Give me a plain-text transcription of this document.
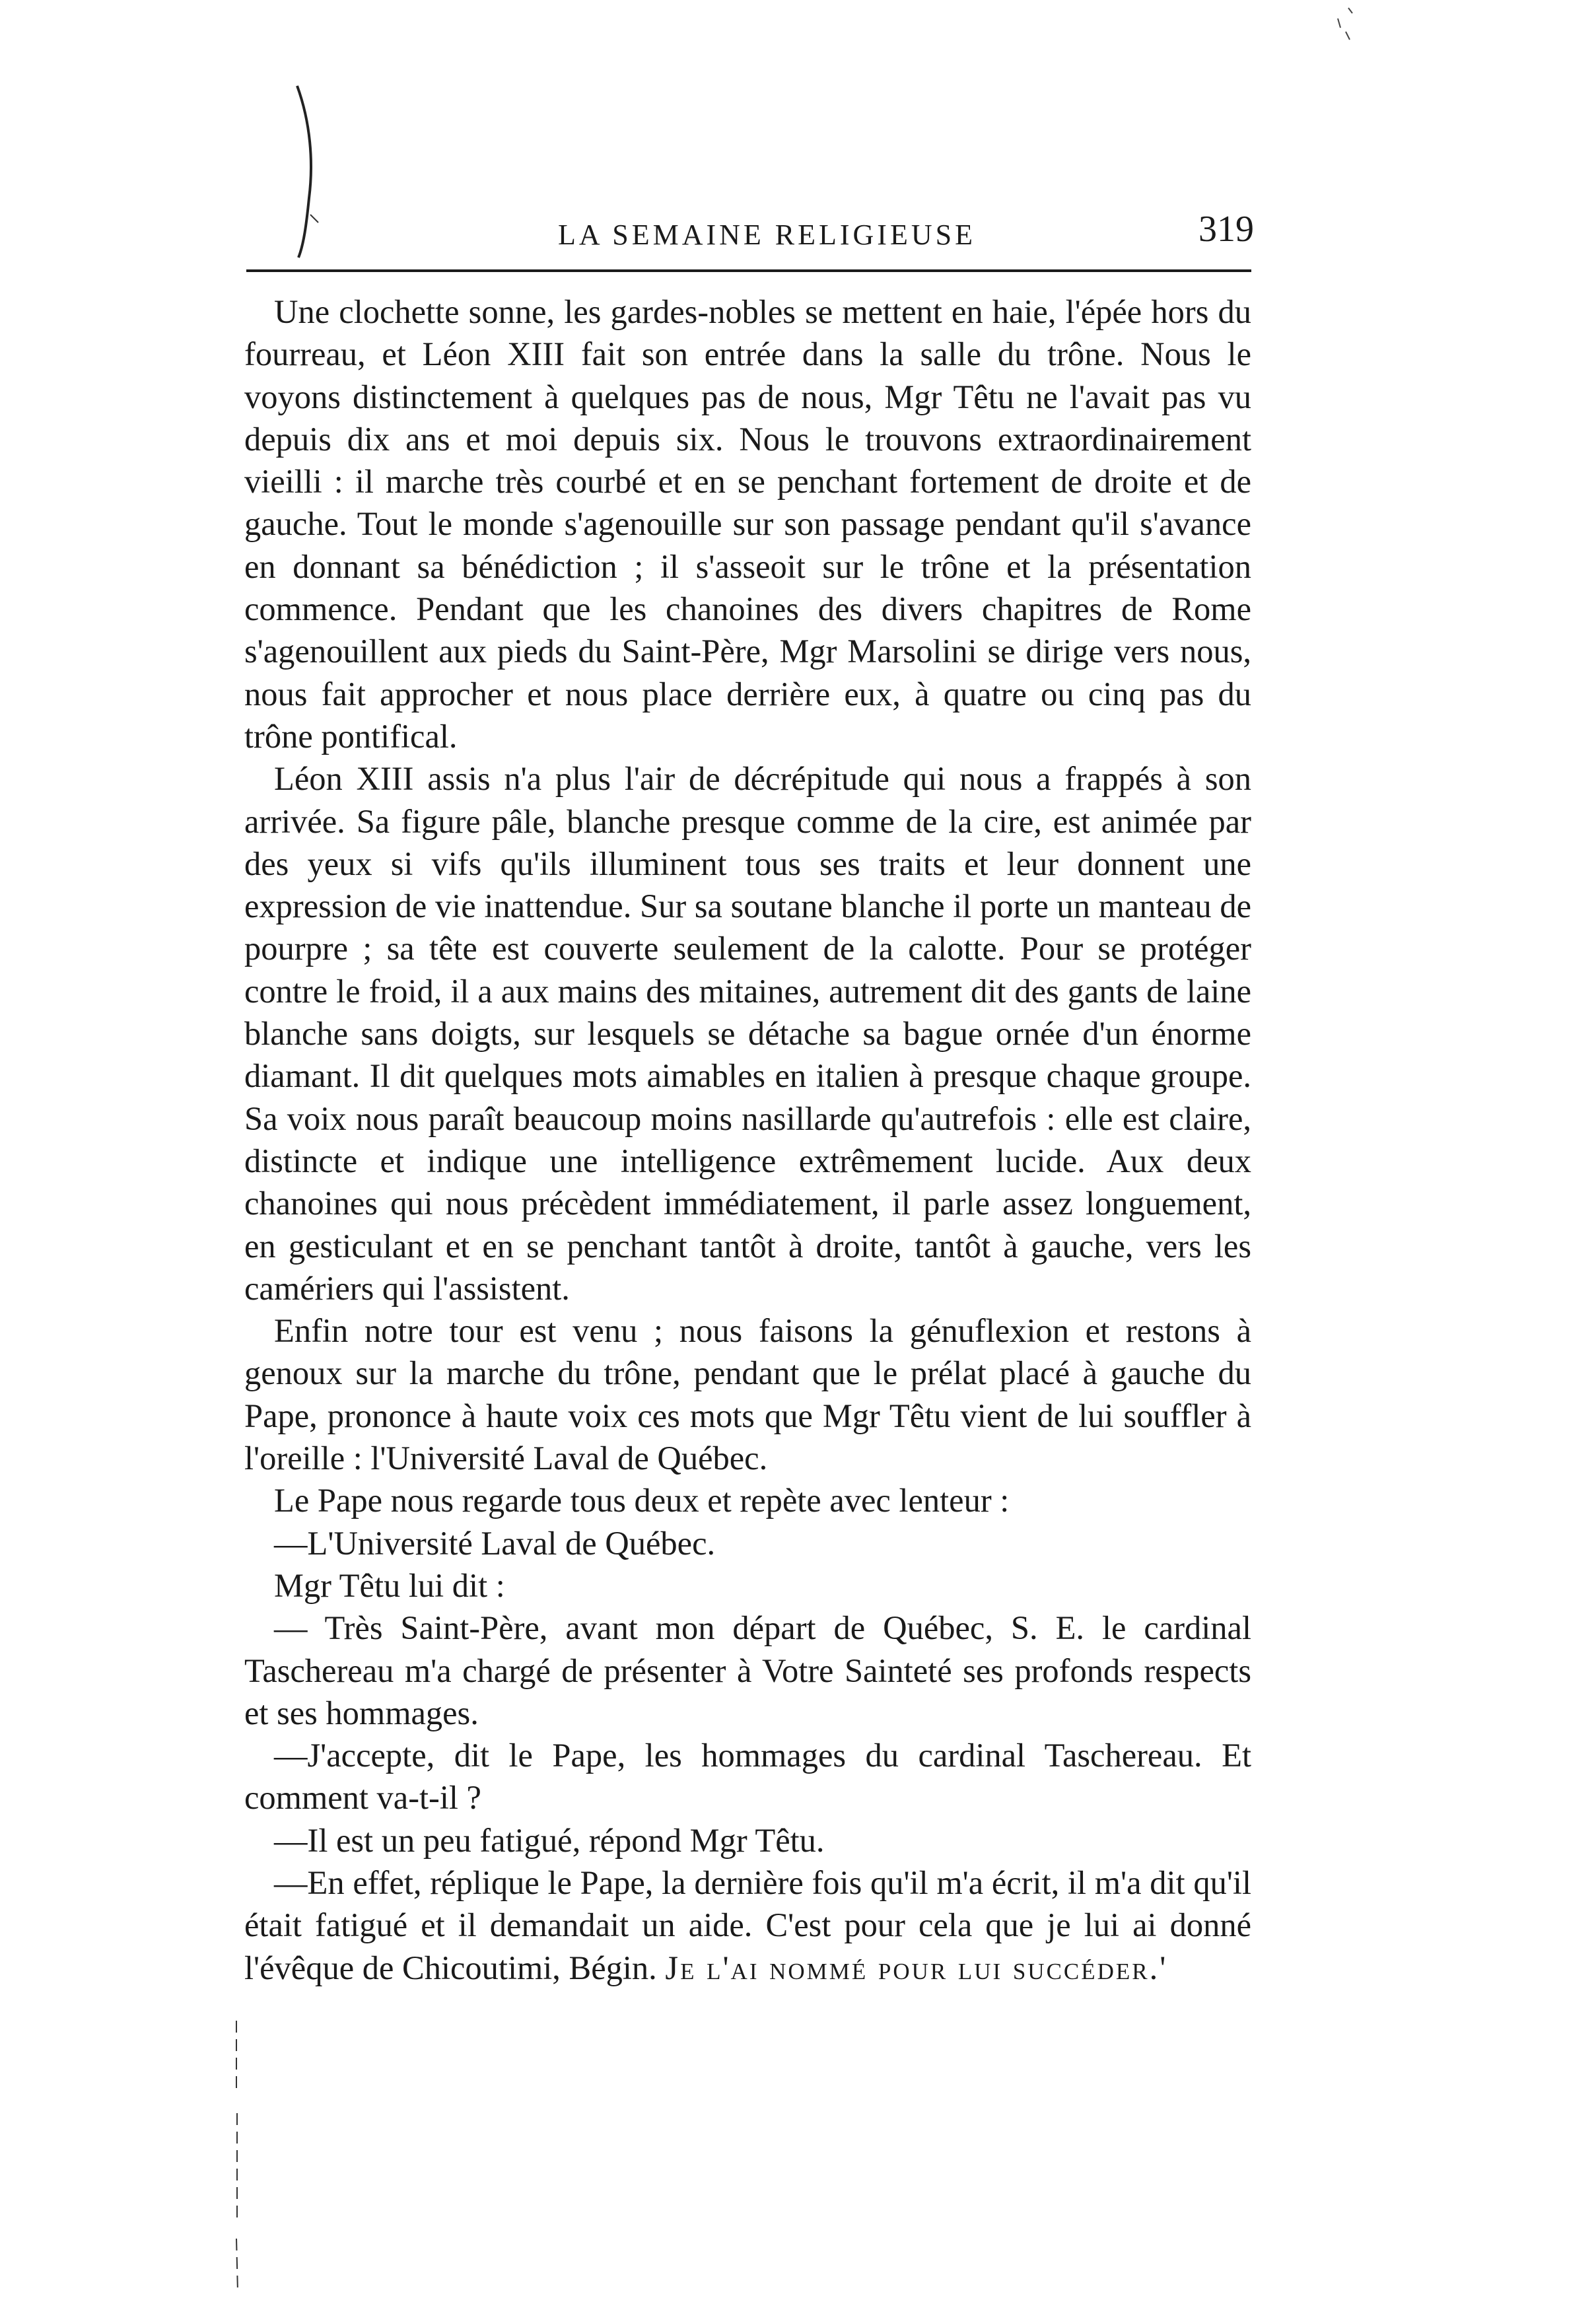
LA SEMAINE RELIGIEUSE	319

Une clochette sonne, les gardes-nobles se mettent en haie, l'épée hors du fourreau, et Léon XIII fait son entrée dans la salle du trône. Nous le voyons distinctement à quelques pas de nous, Mgr Têtu ne l'avait pas vu depuis dix ans et moi depuis six. Nous le trouvons extraordinairement vieilli : il marche très courbé et en se penchant fortement de droite et de gauche. Tout le monde s'agenouille sur son passage pendant qu'il s'avance en donnant sa bénédiction ; il s'asseoit sur le trône et la présentation commence. Pendant que les chanoines des divers chapitres de Rome s'agenouillent aux pieds du Saint-Père, Mgr Marsolini se dirige vers nous, nous fait approcher et nous place derrière eux, à quatre ou cinq pas du trône pontifical.

Léon XIII assis n'a plus l'air de décrépitude qui nous a frappés à son arrivée. Sa figure pâle, blanche presque comme de la cire, est animée par des yeux si vifs qu'ils illuminent tous ses traits et leur donnent une expression de vie inattendue. Sur sa soutane blanche il porte un manteau de pourpre ; sa tête est couverte seulement de la calotte. Pour se protéger contre le froid, il a aux mains des mitaines, autrement dit des gants de laine blanche sans doigts, sur lesquels se détache sa bague ornée d'un énorme diamant. Il dit quelques mots aimables en italien à presque chaque groupe. Sa voix nous paraît beaucoup moins nasillarde qu'autrefois : elle est claire, distincte et indique une intelligence extrêmement lucide. Aux deux chanoines qui nous précèdent immédiatement, il parle assez longuement, en gesticulant et en se penchant tantôt à droite, tantôt à gauche, vers les camériers qui l'assistent.

Enfin notre tour est venu ; nous faisons la génuflexion et restons à genoux sur la marche du trône, pendant que le prélat placé à gauche du Pape, prononce à haute voix ces mots que Mgr Têtu vient de lui souffler à l'oreille : l'Université Laval de Québec.

Le Pape nous regarde tous deux et repète avec lenteur :

—L'Université Laval de Québec.

Mgr Têtu lui dit :

— Très Saint-Père, avant mon départ de Québec, S. E. le cardinal Taschereau m'a chargé de présenter à Votre Sainteté ses profonds respects et ses hommages.

—J'accepte, dit le Pape, les hommages du cardinal Taschereau. Et comment va-t-il ?

—Il est un peu fatigué, répond Mgr Têtu.

—En effet, réplique le Pape, la dernière fois qu'il m'a écrit, il m'a dit qu'il était fatigué et il demandait un aide. C'est pour cela que je lui ai donné l'évêque de Chicoutimi, Bégin. Je l'ai nommé pour lui succéder.'
